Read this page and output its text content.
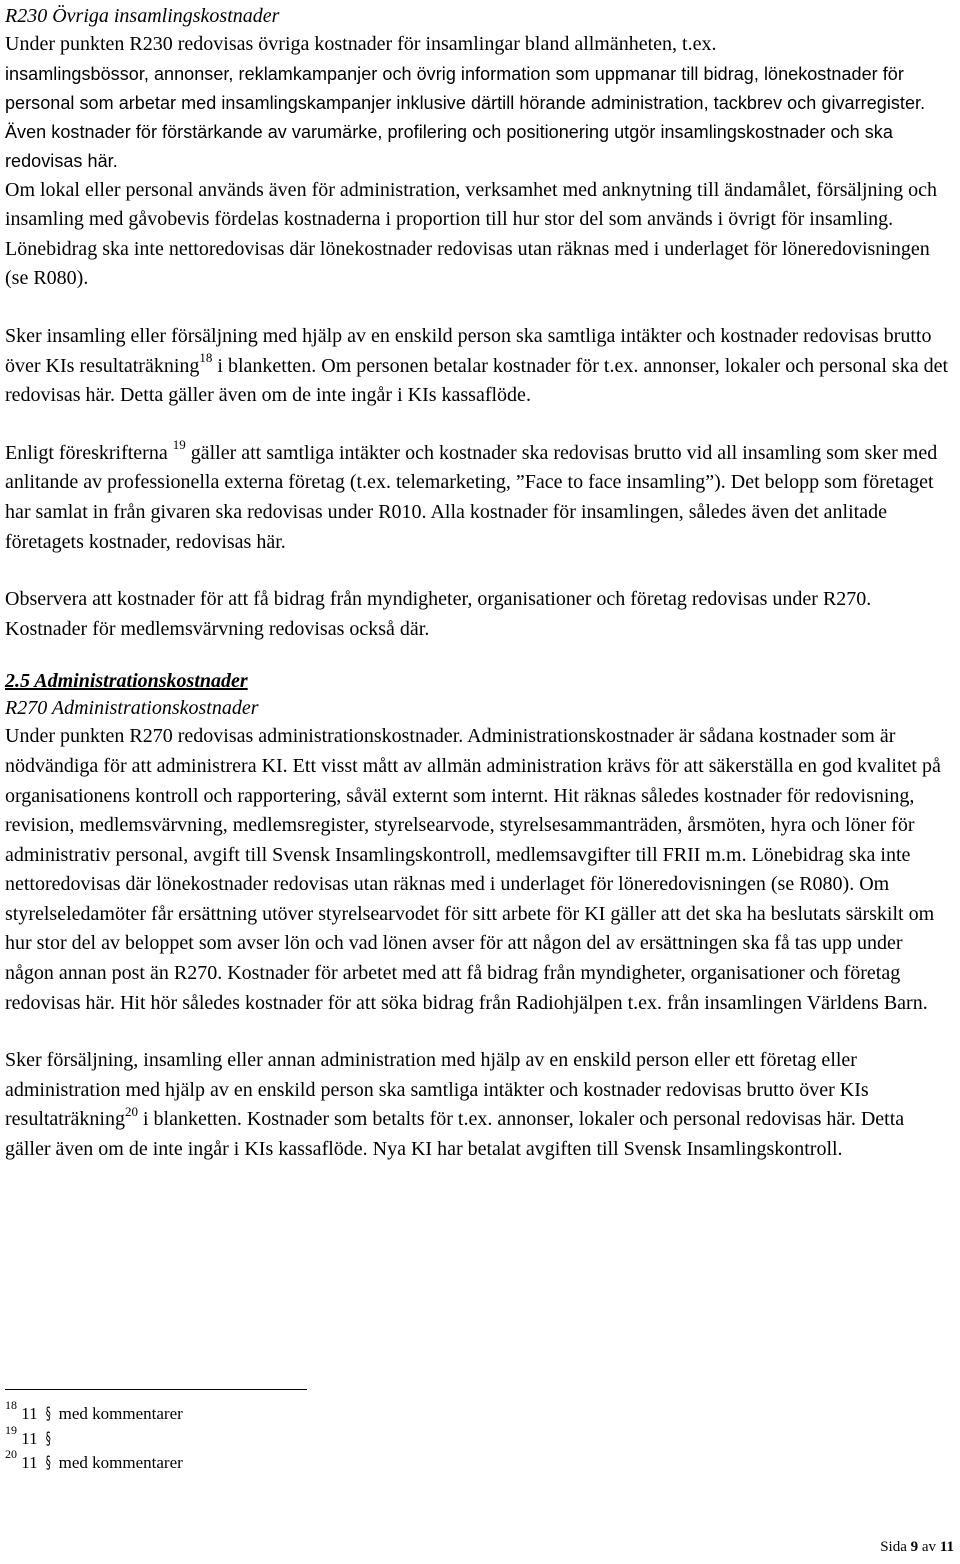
R230 Övriga insamlingskostnader

Under punkten R230 redovisas övriga kostnader för insamlingar bland allmänheten, t.ex.

insamlingsbössor, annonser, reklamkampanjer och övrig information som uppmanar till bidrag, lönekostnader för personal som arbetar med insamlingskampanjer inklusive därtill hörande administration, tackbrev och givarregister. Även kostnader för förstärkande av varumärke, profilering och positionering utgör insamlingskostnader och ska redovisas här.

Om lokal eller personal används även för administration, verksamhet med anknytning till ändamålet, försäljning och insamling med gåvobevis fördelas kostnaderna i proportion till hur stor del som används i övrigt för insamling. Lönebidrag ska inte nettoredovisas där lönekostnader redovisas utan räknas med i underlaget för löneredovisningen (se R080).

Sker insamling eller försäljning med hjälp av en enskild person ska samtliga intäkter och kostnader redovisas brutto över KIs resultaträkning$^{18}$ i blanketten. Om personen betalar kostnader för t.ex. annonser, lokaler och personal ska det redovisas här. Detta gäller även om de inte ingår i KIs kassaflöde.

Enligt föreskrifterna $^{19}$ gäller att samtliga intäkter och kostnader ska redovisas brutto vid all insamling som sker med anlitande av professionella externa företag (t.ex. telemarketing, ”Face to face insamling”). Det belopp som företaget har samlat in från givaren ska redovisas under R010. Alla kostnader för insamlingen, således även det anlitade företagets kostnader, redovisas här.

Observera att kostnader för att få bidrag från myndigheter, organisationer och företag redovisas under R270. Kostnader för medlemsvärvning redovisas också där.

2.5 Administrationskostnader
R270 Administrationskostnader

Under punkten R270 redovisas administrationskostnader. Administrationskostnader är sådana kostnader som är nödvändiga för att administrera KI. Ett visst mått av allmän administration krävs för att säkerställa en god kvalitet på organisationens kontroll och rapportering, såväl externt som internt. Hit räknas således kostnader för redovisning, revision, medlemsvärvning, medlemsregister, styrelsearvode, styrelsesammanträden, årsmöten, hyra och löner för administrativ personal, avgift till Svensk Insamlingskontroll, medlemsavgifter till FRII m.m. Lönebidrag ska inte nettoredovisas där lönekostnader redovisas utan räknas med i underlaget för löneredovisningen (se R080). Om styrelseledamöter får ersättning utöver styrelsearvodet för sitt arbete för KI gäller att det ska ha beslutats särskilt om hur stor del av beloppet som avser lön och vad lönen avser för att någon del av ersättningen ska få tas upp under någon annan post än R270. Kostnader för arbetet med att få bidrag från myndigheter, organisationer och företag redovisas här. Hit hör således kostnader för att söka bidrag från Radiohjälpen t.ex. från insamlingen Världens Barn.

Sker försäljning, insamling eller annan administration med hjälp av en enskild person eller ett företag eller administration med hjälp av en enskild person ska samtliga intäkter och kostnader redovisas brutto över KIs resultaträkning$^{20}$ i blanketten. Kostnader som betalts för t.ex. annonser, lokaler och personal redovisas här. Detta gäller även om de inte ingår i KIs kassaflöde. Nya KI har betalat avgiften till Svensk Insamlingskontroll.

$^{18}$ 11 § med kommentarer
$^{19}$ 11 §
$^{20}$ 11 § med kommentarer
Sida 9 av 11
